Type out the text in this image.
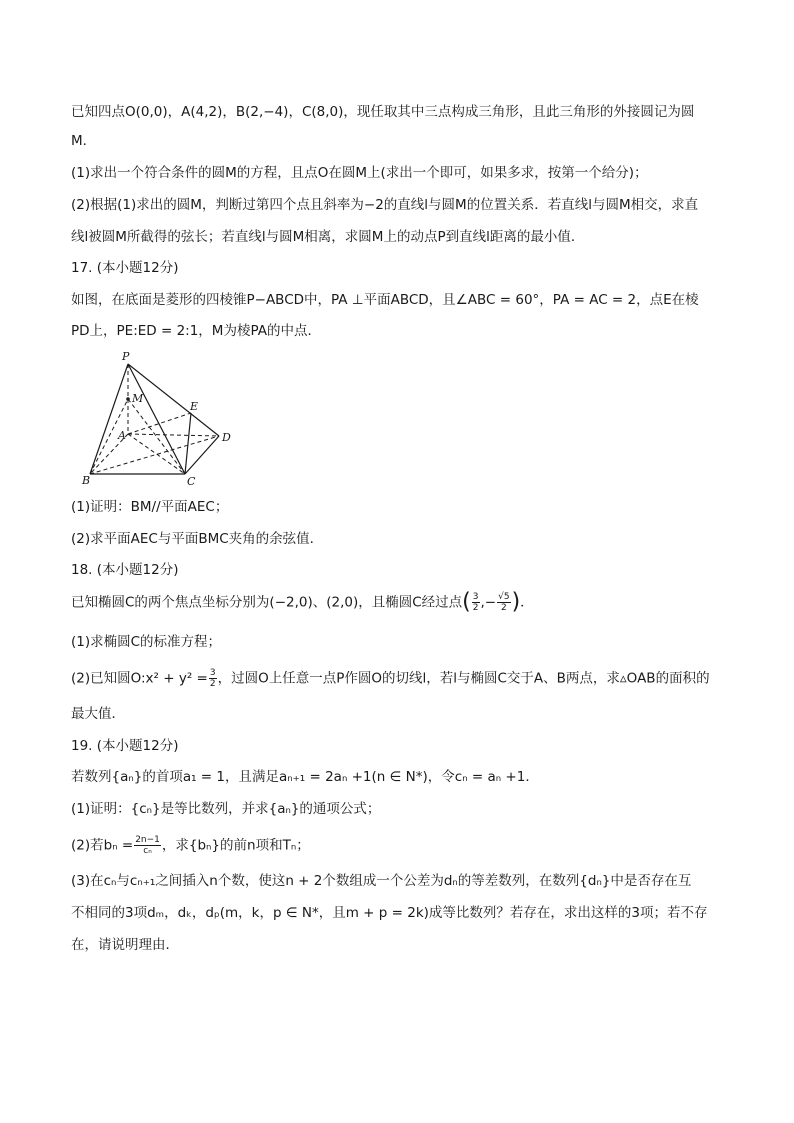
已知四点O(0,0)，A(4,2)，B(2,−4)，C(8,0)，现任取其中三点构成三角形，且此三角形的外接圆记为圆
M．
(1)求出一个符合条件的圆M的方程，且点O在圆M上(求出一个即可，如果多求，按第一个给分)；
(2)根据(1)求出的圆M，判断过第四个点且斜率为−2的直线l与圆M的位置关系．若直线l与圆M相交，求直
线l被圆M所截得的弦长；若直线l与圆M相离，求圆M上的动点P到直线l距离的最小值．
17. (本小题12分)
如图，在底面是菱形的四棱锥P−ABCD中，PA ⊥平面ABCD，且∠ABC = 60°，PA = AC = 2，点E在棱
PD上，PE:ED = 2:1，M为棱PA的中点．
P
M
E
A	D
B	C
(1)证明：BM//平面AEC；
(2)求平面AEC与平面BMC夹角的余弦值．
18. (本小题12分)
已知椭圆C的两个焦点坐标分别为(−2,0)、(2,0)，且椭圆C经过点( $\frac{3}{2}$ ,− $\frac{√5}{2}$ )．
(1)求椭圆C的标准方程；
(2)已知圆O:x² + $y^2 = \frac{3}{2}$ ，过圆O上任意一点P作圆O的切线l，若l与椭圆C交于A、B两点，求▵OAB的面积的
最大值．
19. (本小题12分)
若数列{aₙ}的首项a₁ = 1，且满足aₙ₊₁ = 2aₙ +1(n ∈ N*)，令cₙ = aₙ +1．
(1)证明：{cₙ}是等比数列，并求{aₙ}的通项公式；
(2)若$b_n = \frac{2n-1}{\text{cₙ}}$ ，求{bₙ}的前n项和Tₙ；
(3)在cₙ与cₙ₊₁之间插入n个数，使这n + 2个数组成一个公差为dₙ的等差数列，在数列{dₙ}中是否存在互
不相同的3项dₘ，dₖ，dₚ(m，k，p ∈ N*，且m + p = 2k)成等比数列？若存在，求出这样的3项；若不存
在，请说明理由．
